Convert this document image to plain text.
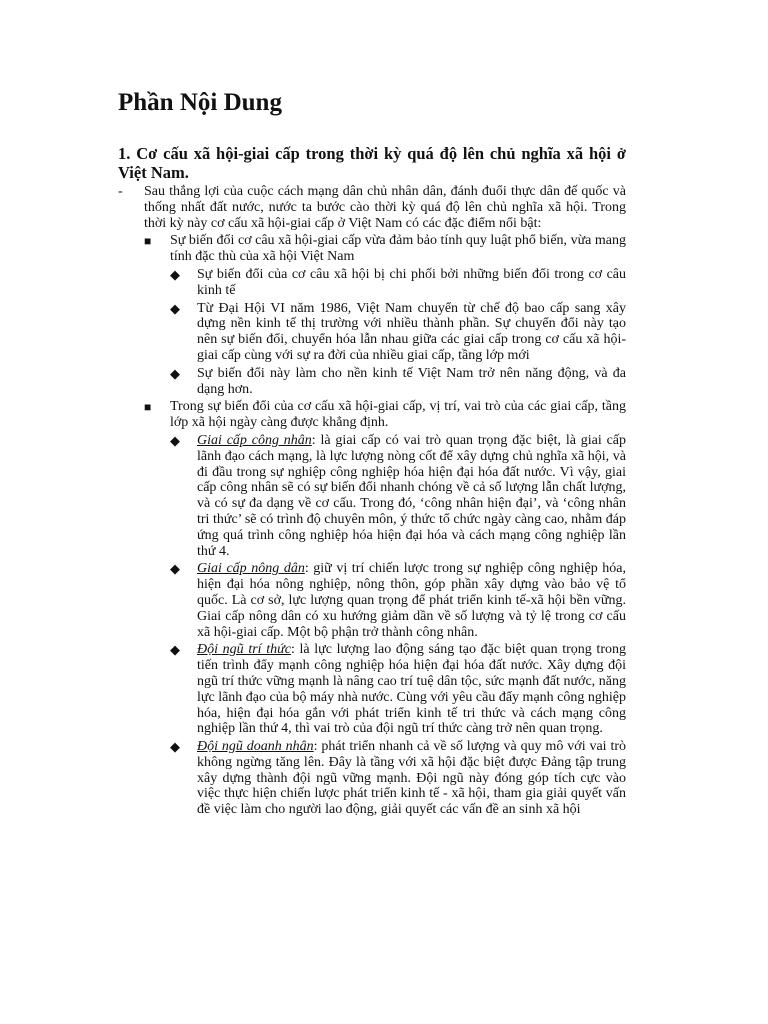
Phần Nội Dung
1. Cơ cấu xã hội-giai cấp trong thời kỳ quá độ lên chủ nghĩa xã hội ở Việt Nam.
- Sau thắng lợi của cuộc cách mạng dân chủ nhân dân, đánh đuổi thực dân đế quốc và thống nhất đất nước, nước ta bước cào thời kỳ quá độ lên chủ nghĩa xã hội. Trong thời kỳ này cơ cấu xã hội-giai cấp ở Việt Nam có các đặc điểm nổi bật:
■ Sự biến đổi cơ câu xã hội-giai cấp vừa đảm bảo tính quy luật phổ biến, vừa mang tính đặc thù của xã hội Việt Nam
◆ Sự biến đổi của cơ câu xã hội bị chi phối bởi những biến đổi trong cơ câu kinh tế
◆ Từ Đại Hội VI năm 1986, Việt Nam chuyển từ chế độ bao cấp sang xây dựng nền kinh tế thị trường với nhiều thành phần. Sự chuyển đổi này tạo nên sự biến đổi, chuyển hóa lẫn nhau giữa các giai cấp trong cơ cấu xã hội-giai cấp cùng với sự ra đời của nhiều giai cấp, tầng lớp mới
◆ Sự biến đổi này làm cho nền kinh tế Việt Nam trở nên năng động, và đa dạng hơn.
■ Trong sự biến đổi của cơ cấu xã hội-giai cấp, vị trí, vai trò của các giai cấp, tầng lớp xã hội ngày càng được khẳng định.
◆ Giai cấp công nhân: là giai cấp có vai trò quan trọng đặc biệt, là giai cấp lãnh đạo cách mạng, là lực lượng nòng cốt để xây dựng chủ nghĩa xã hội, và đi đầu trong sự nghiệp công nghiệp hóa hiện đại hóa đất nước. Vì vậy, giai cấp công nhân sẽ có sự biến đổi nhanh chóng về cả số lượng lẫn chất lượng, và có sự đa dạng về cơ cấu. Trong đó, ‘công nhân hiện đại’, và ‘công nhân tri thức’ sẽ có trình độ chuyên môn, ý thức tổ chức ngày càng cao, nhằm đáp ứng quá trình công nghiệp hóa hiện đại hóa và cách mạng công nghiệp lần thứ 4.
◆ Giai cấp nông dân: giữ vị trí chiến lược trong sự nghiệp công nghiệp hóa, hiện đại hóa nông nghiệp, nông thôn, góp phần xây dựng vào bảo vệ tổ quốc. Là cơ sở, lực lượng quan trọng để phát triển kinh tế-xã hội bền vững. Giai cấp nông dân có xu hướng giảm dần về số lượng và tỷ lệ trong cơ cấu xã hội-giai cấp. Một bộ phận trở thành công nhân.
◆ Đội ngũ trí thức: là lực lượng lao động sáng tạo đặc biệt quan trọng trong tiến trình đẩy mạnh công nghiệp hóa hiện đại hóa đất nước. Xây dựng đội ngũ trí thức vững mạnh là nâng cao trí tuệ dân tộc, sức mạnh đất nước, năng lực lãnh đạo của bộ máy nhà nước. Cùng với yêu cầu đẩy mạnh công nghiệp hóa, hiện đại hóa gắn với phát triển kinh tế tri thức và cách mạng công nghiệp lần thứ 4, thì vai trò của đội ngũ trí thức càng trở nên quan trọng.
◆ Đội ngũ doanh nhân: phát triển nhanh cả về số lượng và quy mô với vai trò không ngừng tăng lên. Đây là tầng với xã hội đặc biệt được Đảng tập trung xây dựng thành đội ngũ vững mạnh. Đội ngũ này đóng góp tích cực vào việc thực hiện chiến lược phát triển kinh tế - xã hội, tham gia giải quyết vấn đề việc làm cho người lao động, giải quyết các vấn đề an sinh xã hội
